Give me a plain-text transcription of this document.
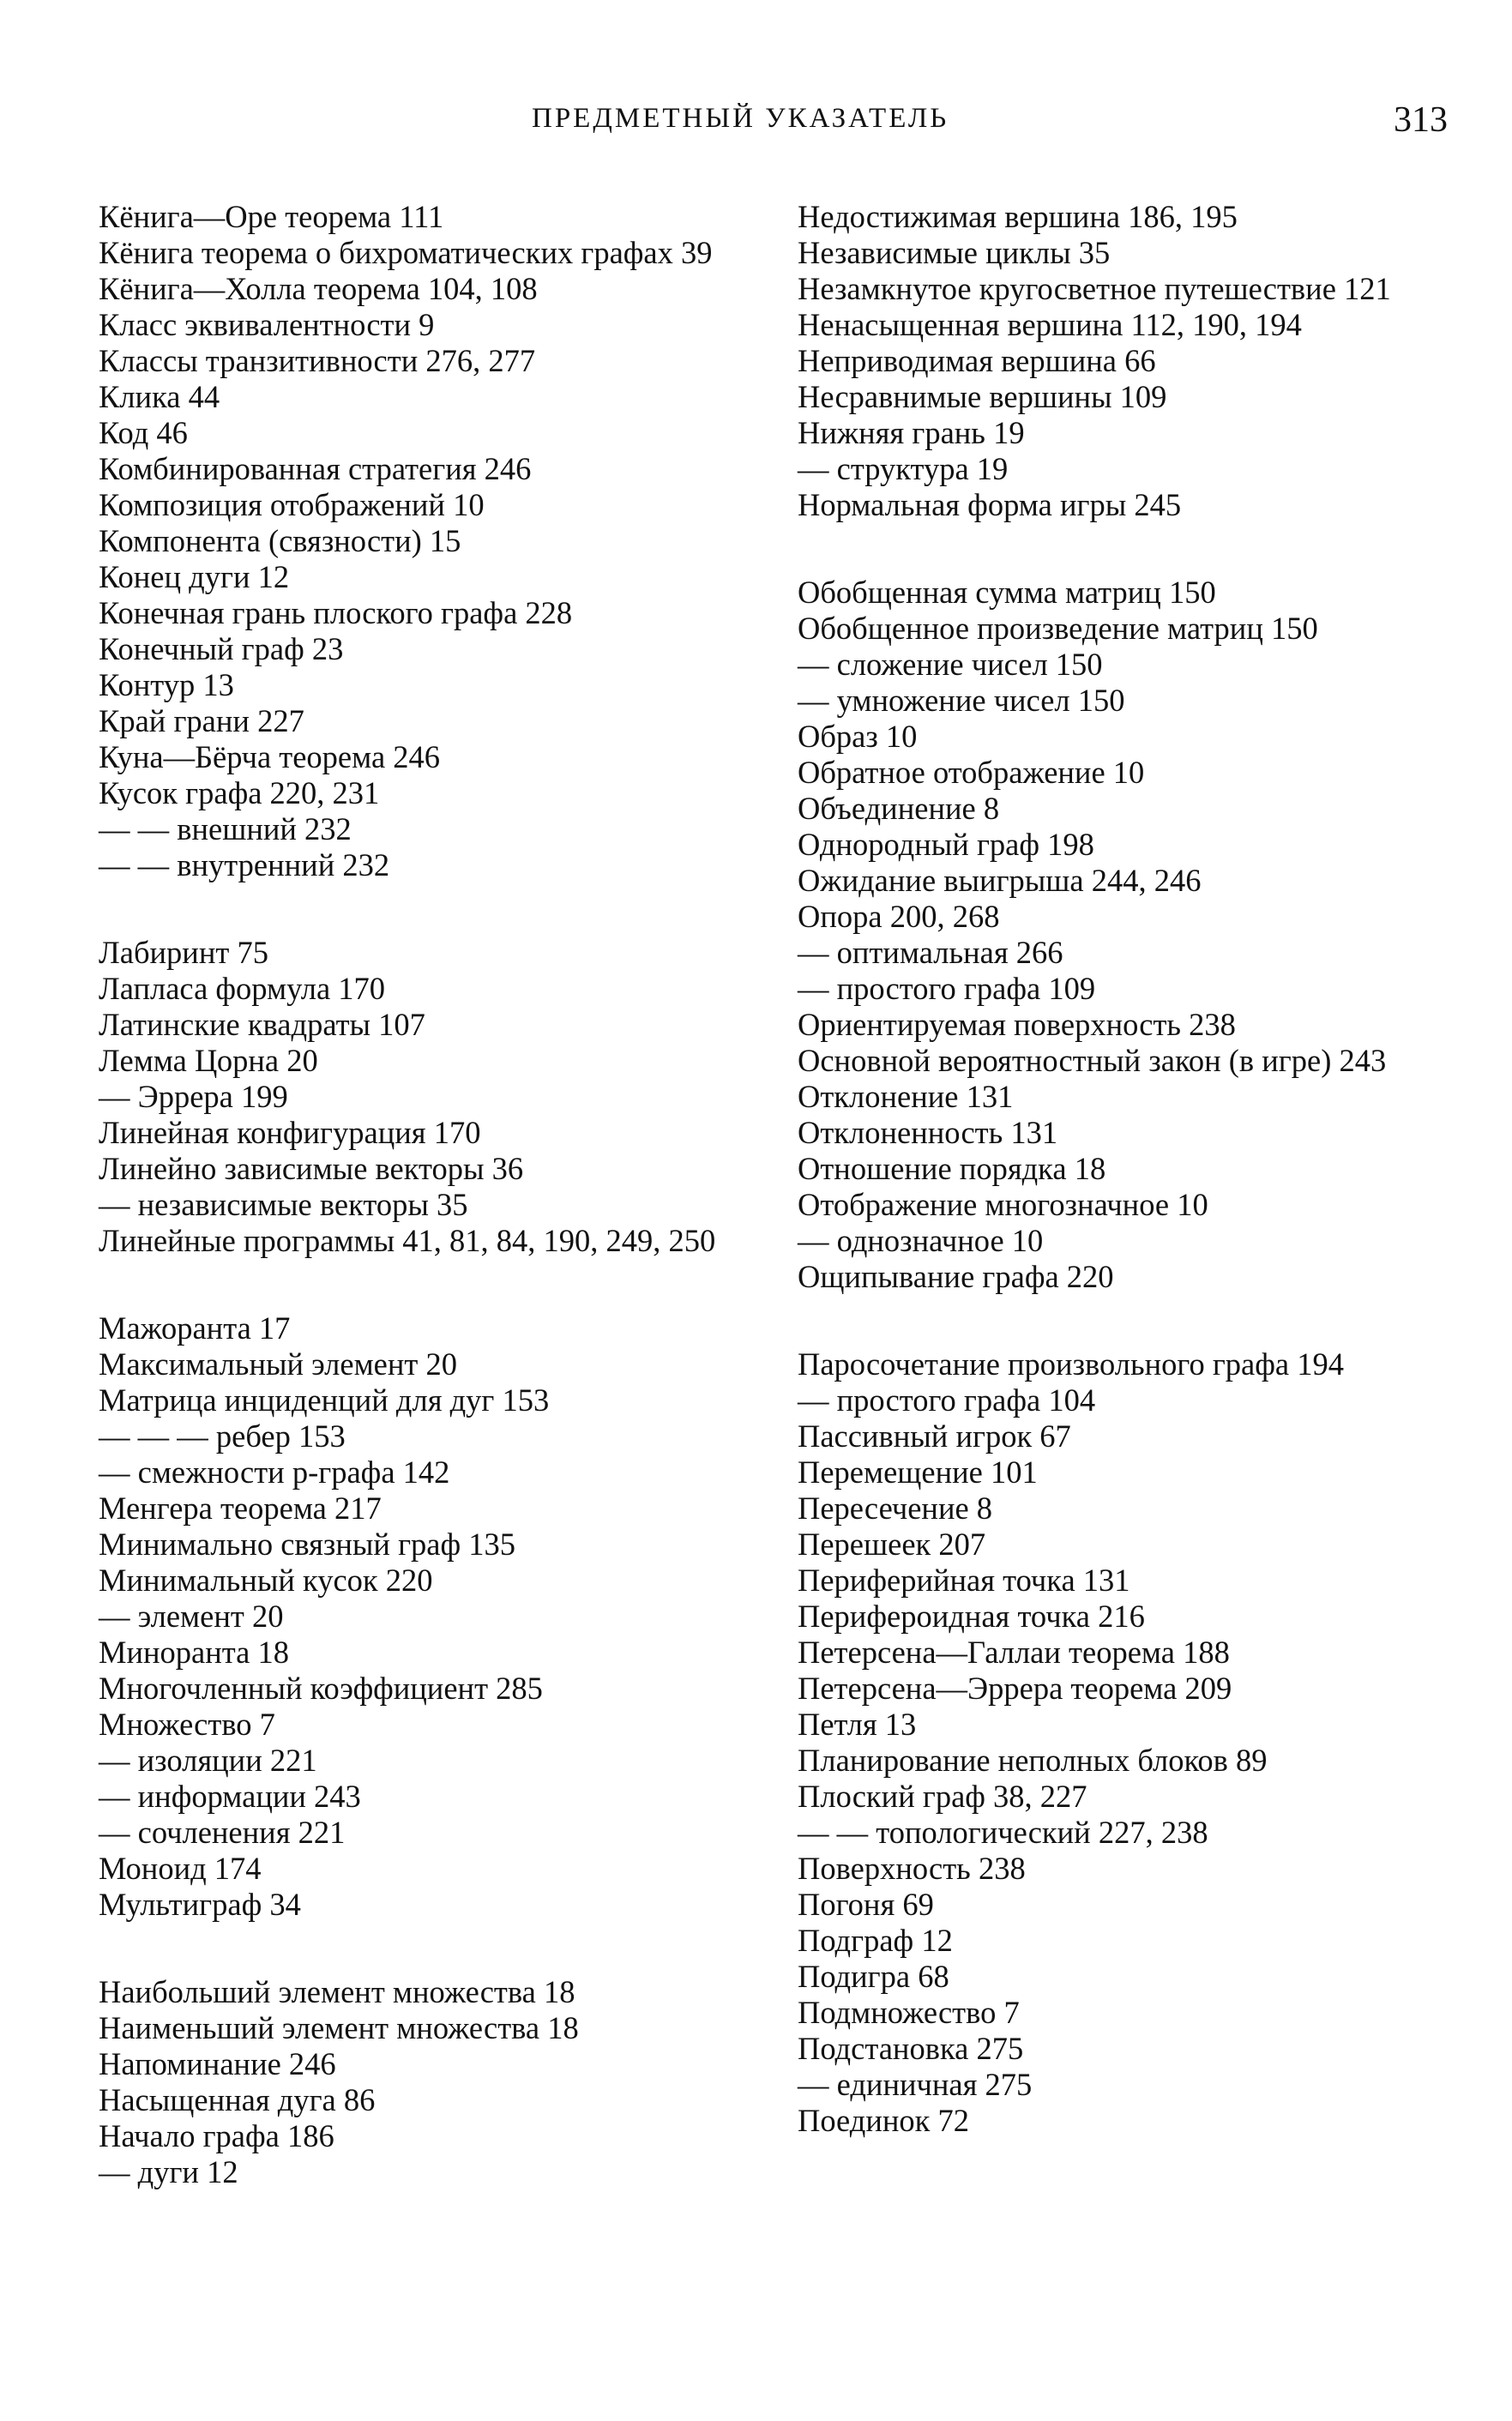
ПРЕДМЕТНЫЙ УКАЗАТЕЛЬ	313
Кёнига—Оре теорема 111
Кёнига теорема о бихроматических графах 39
Кёнига—Холла теорема 104, 108
Класс эквивалентности 9
Классы транзитивности 276, 277
Клика 44
Код 46
Комбинированная стратегия 246
Композиция отображений 10
Компонента (связности) 15
Конец дуги 12
Конечная грань плоского графа 228
Конечный граф 23
Контур 13
Край грани 227
Куна—Бёрча теорема 246
Кусок графа 220, 231
— — внешний 232
— — внутренний 232
Лабиринт 75
Лапласа формула 170
Латинские квадраты 107
Лемма Цорна 20
— Эррера 199
Линейная конфигурация 170
Линейно зависимые векторы 36
— независимые векторы 35
Линейные программы 41, 81, 84, 190, 249, 250
Мажоранта 17
Максимальный элемент 20
Матрица инциденций для дуг 153
— — — ребер 153
— смежности p-графа 142
Менгера теорема 217
Минимально связный граф 135
Минимальный кусок 220
— элемент 20
Миноранта 18
Многочленный коэффициент 285
Множество 7
— изоляции 221
— информации 243
— сочленения 221
Моноид 174
Мультиграф 34
Наибольший элемент множества 18
Наименьший элемент множества 18
Напоминание 246
Насыщенная дуга 86
Начало графа 186
— дуги 12
Недостижимая вершина 186, 195
Независимые циклы 35
Незамкнутое кругосветное путешествие 121
Ненасыщенная вершина 112, 190, 194
Неприводимая вершина 66
Несравнимые вершины 109
Нижняя грань 19
— структура 19
Нормальная форма игры 245
Обобщенная сумма матриц 150
Обобщенное произведение матриц 150
— сложение чисел 150
— умножение чисел 150
Образ 10
Обратное отображение 10
Объединение 8
Однородный граф 198
Ожидание выигрыша 244, 246
Опора 200, 268
— оптимальная 266
— простого графа 109
Ориентируемая поверхность 238
Основной вероятностный закон (в игре) 243
Отклонение 131
Отклоненность 131
Отношение порядка 18
Отображение многозначное 10
— однозначное 10
Ощипывание графа 220
Паросочетание произвольного графа 194
— простого графа 104
Пассивный игрок 67
Перемещение 101
Пересечение 8
Перешеек 207
Периферийная точка 131
Перифероидная точка 216
Петерсена—Галлаи теорема 188
Петерсена—Эррера теорема 209
Петля 13
Планирование неполных блоков 89
Плоский граф 38, 227
— — топологический 227, 238
Поверхность 238
Погоня 69
Подграф 12
Подигра 68
Подмножество 7
Подстановка 275
— единичная 275
Поединок 72
